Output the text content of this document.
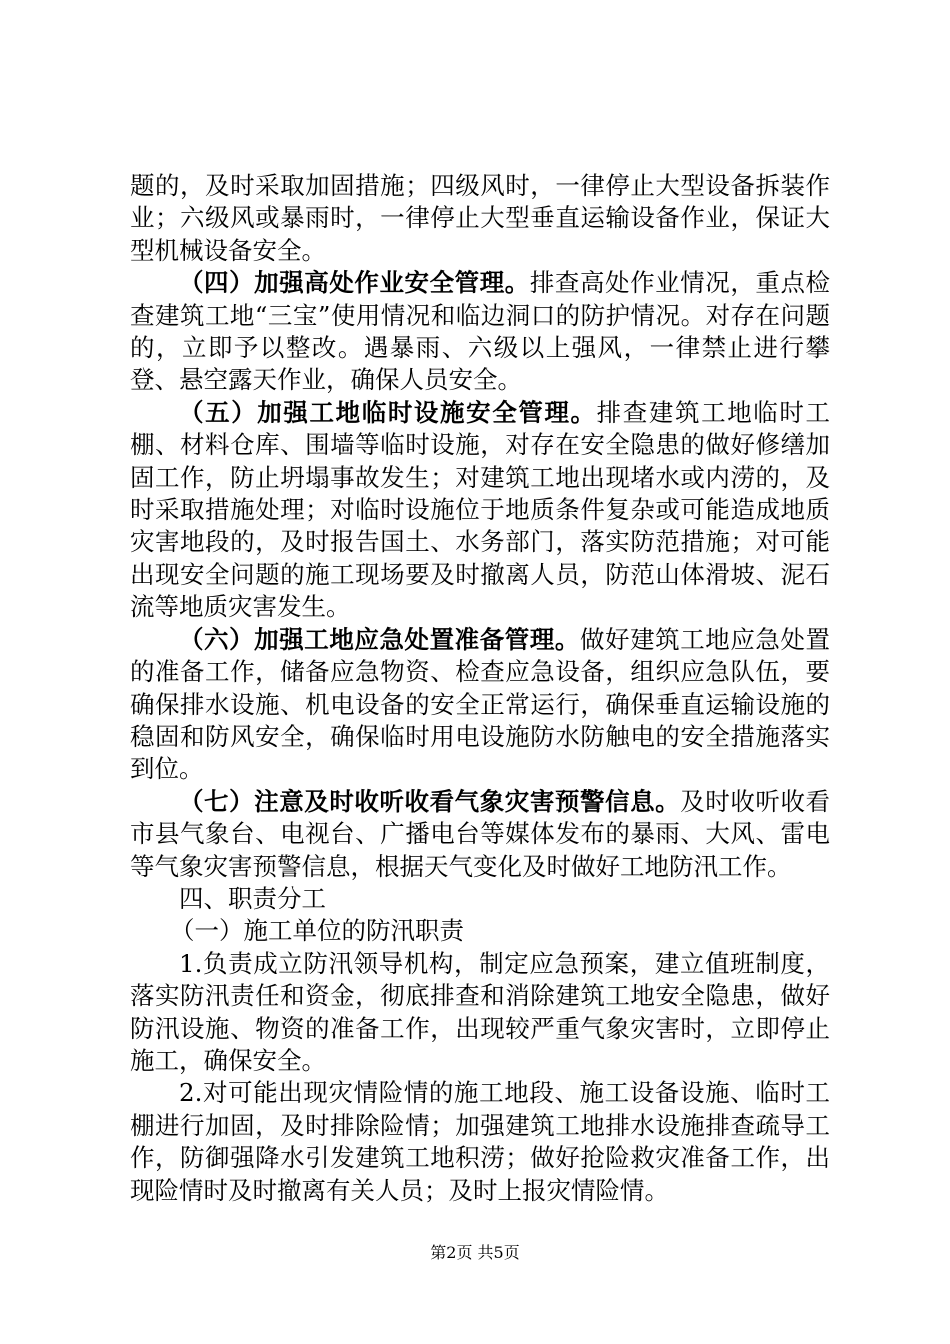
题的，及时采取加固措施；四级风时，一律停止大型设备拆装作业；六级风或暴雨时，一律停止大型垂直运输设备作业，保证大型机械设备安全。

（四）加强高处作业安全管理。排查高处作业情况，重点检查建筑工地“三宝”使用情况和临边洞口的防护情况。对存在问题的，立即予以整改。遇暴雨、六级以上强风，一律禁止进行攀登、悬空露天作业，确保人员安全。

（五）加强工地临时设施安全管理。排查建筑工地临时工棚、材料仓库、围墙等临时设施，对存在安全隐患的做好修缮加固工作，防止坍塌事故发生；对建筑工地出现堵水或内涝的，及时采取措施处理；对临时设施位于地质条件复杂或可能造成地质灾害地段的，及时报告国土、水务部门，落实防范措施；对可能出现安全问题的施工现场要及时撤离人员，防范山体滑坡、泥石流等地质灾害发生。

（六）加强工地应急处置准备管理。做好建筑工地应急处置的准备工作，储备应急物资、检查应急设备，组织应急队伍，要确保排水设施、机电设备的安全正常运行，确保垂直运输设施的稳固和防风安全，确保临时用电设施防水防触电的安全措施落实到位。

（七）注意及时收听收看气象灾害预警信息。及时收听收看市县气象台、电视台、广播电台等媒体发布的暴雨、大风、雷电等气象灾害预警信息，根据天气变化及时做好工地防汛工作。

四、职责分工

（一）施工单位的防汛职责

1.负责成立防汛领导机构，制定应急预案，建立值班制度，落实防汛责任和资金，彻底排查和消除建筑工地安全隐患，做好防汛设施、物资的准备工作，出现较严重气象灾害时，立即停止施工，确保安全。

2.对可能出现灾情险情的施工地段、施工设备设施、临时工棚进行加固，及时排除险情；加强建筑工地排水设施排查疏导工作，防御强降水引发建筑工地积涝；做好抢险救灾准备工作，出现险情时及时撤离有关人员；及时上报灾情险情。

第2页 共5页
